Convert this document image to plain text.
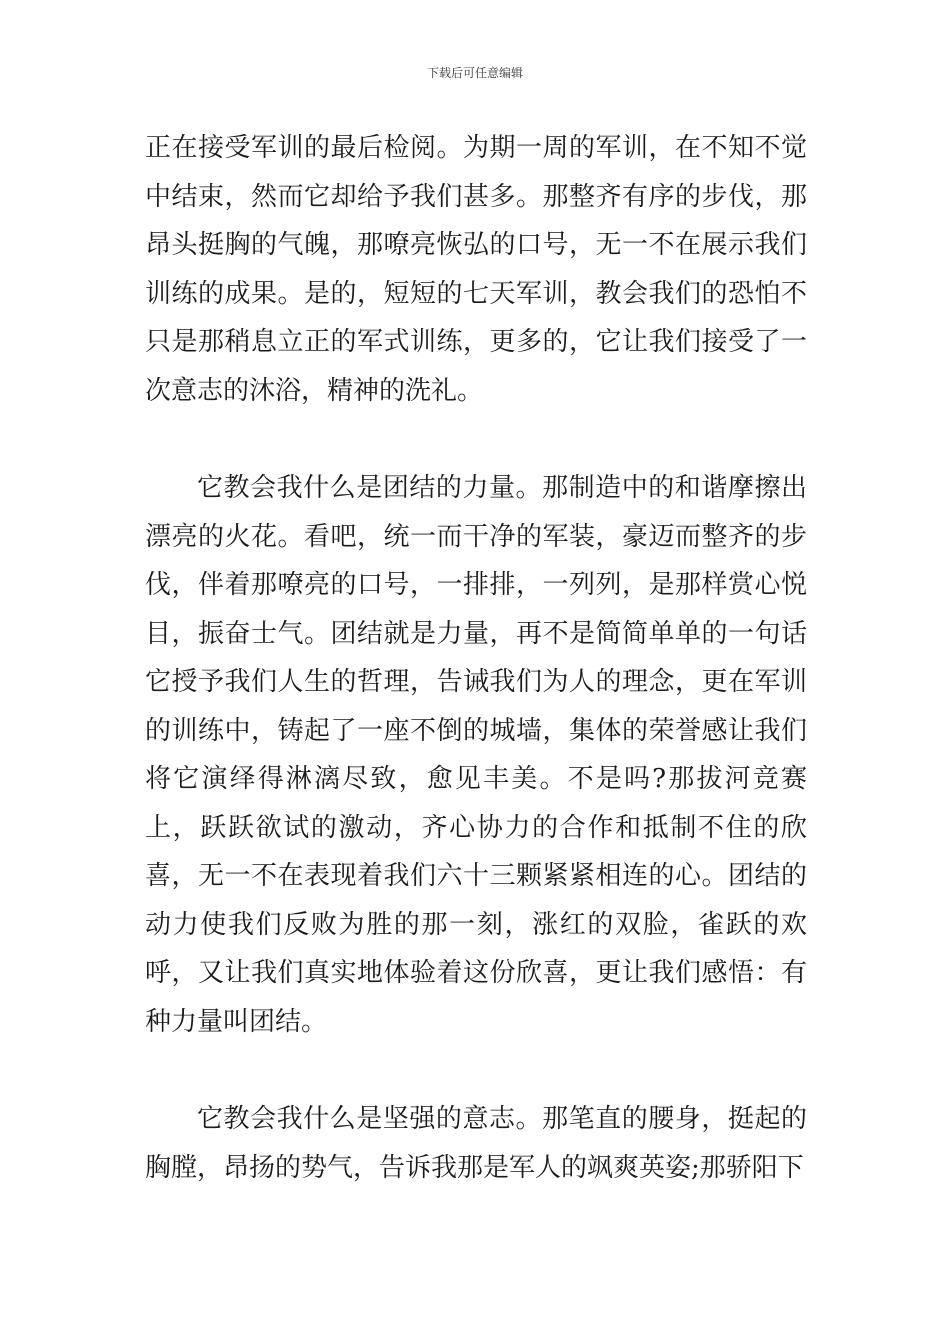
下载后可任意编辑

正在接受军训的最后检阅。为期一周的军训，在不知不觉中结束，然而它却给予我们甚多。那整齐有序的步伐，那昂头挺胸的气魄，那嘹亮恢弘的口号，无一不在展示我们训练的成果。是的，短短的七天军训，教会我们的恐怕不只是那稍息立正的军式训练，更多的，它让我们接受了一次意志的沐浴，精神的洗礼。

它教会我什么是团结的力量。那制造中的和谐摩擦出漂亮的火花。看吧，统一而干净的军装，豪迈而整齐的步伐，伴着那嘹亮的口号，一排排，一列列，是那样赏心悦目，振奋士气。团结就是力量，再不是简简单单的一句话它授予我们人生的哲理，告诫我们为人的理念，更在军训的训练中，铸起了一座不倒的城墙，集体的荣誉感让我们将它演绎得淋漓尽致，愈见丰美。不是吗?那拔河竞赛上，跃跃欲试的激动，齐心协力的合作和抵制不住的欣喜，无一不在表现着我们六十三颗紧紧相连的心。团结的动力使我们反败为胜的那一刻，涨红的双脸，雀跃的欢呼，又让我们真实地体验着这份欣喜，更让我们感悟：有种力量叫团结。

它教会我什么是坚强的意志。那笔直的腰身，挺起的胸膛，昂扬的势气，告诉我那是军人的飒爽英姿;那骄阳下
